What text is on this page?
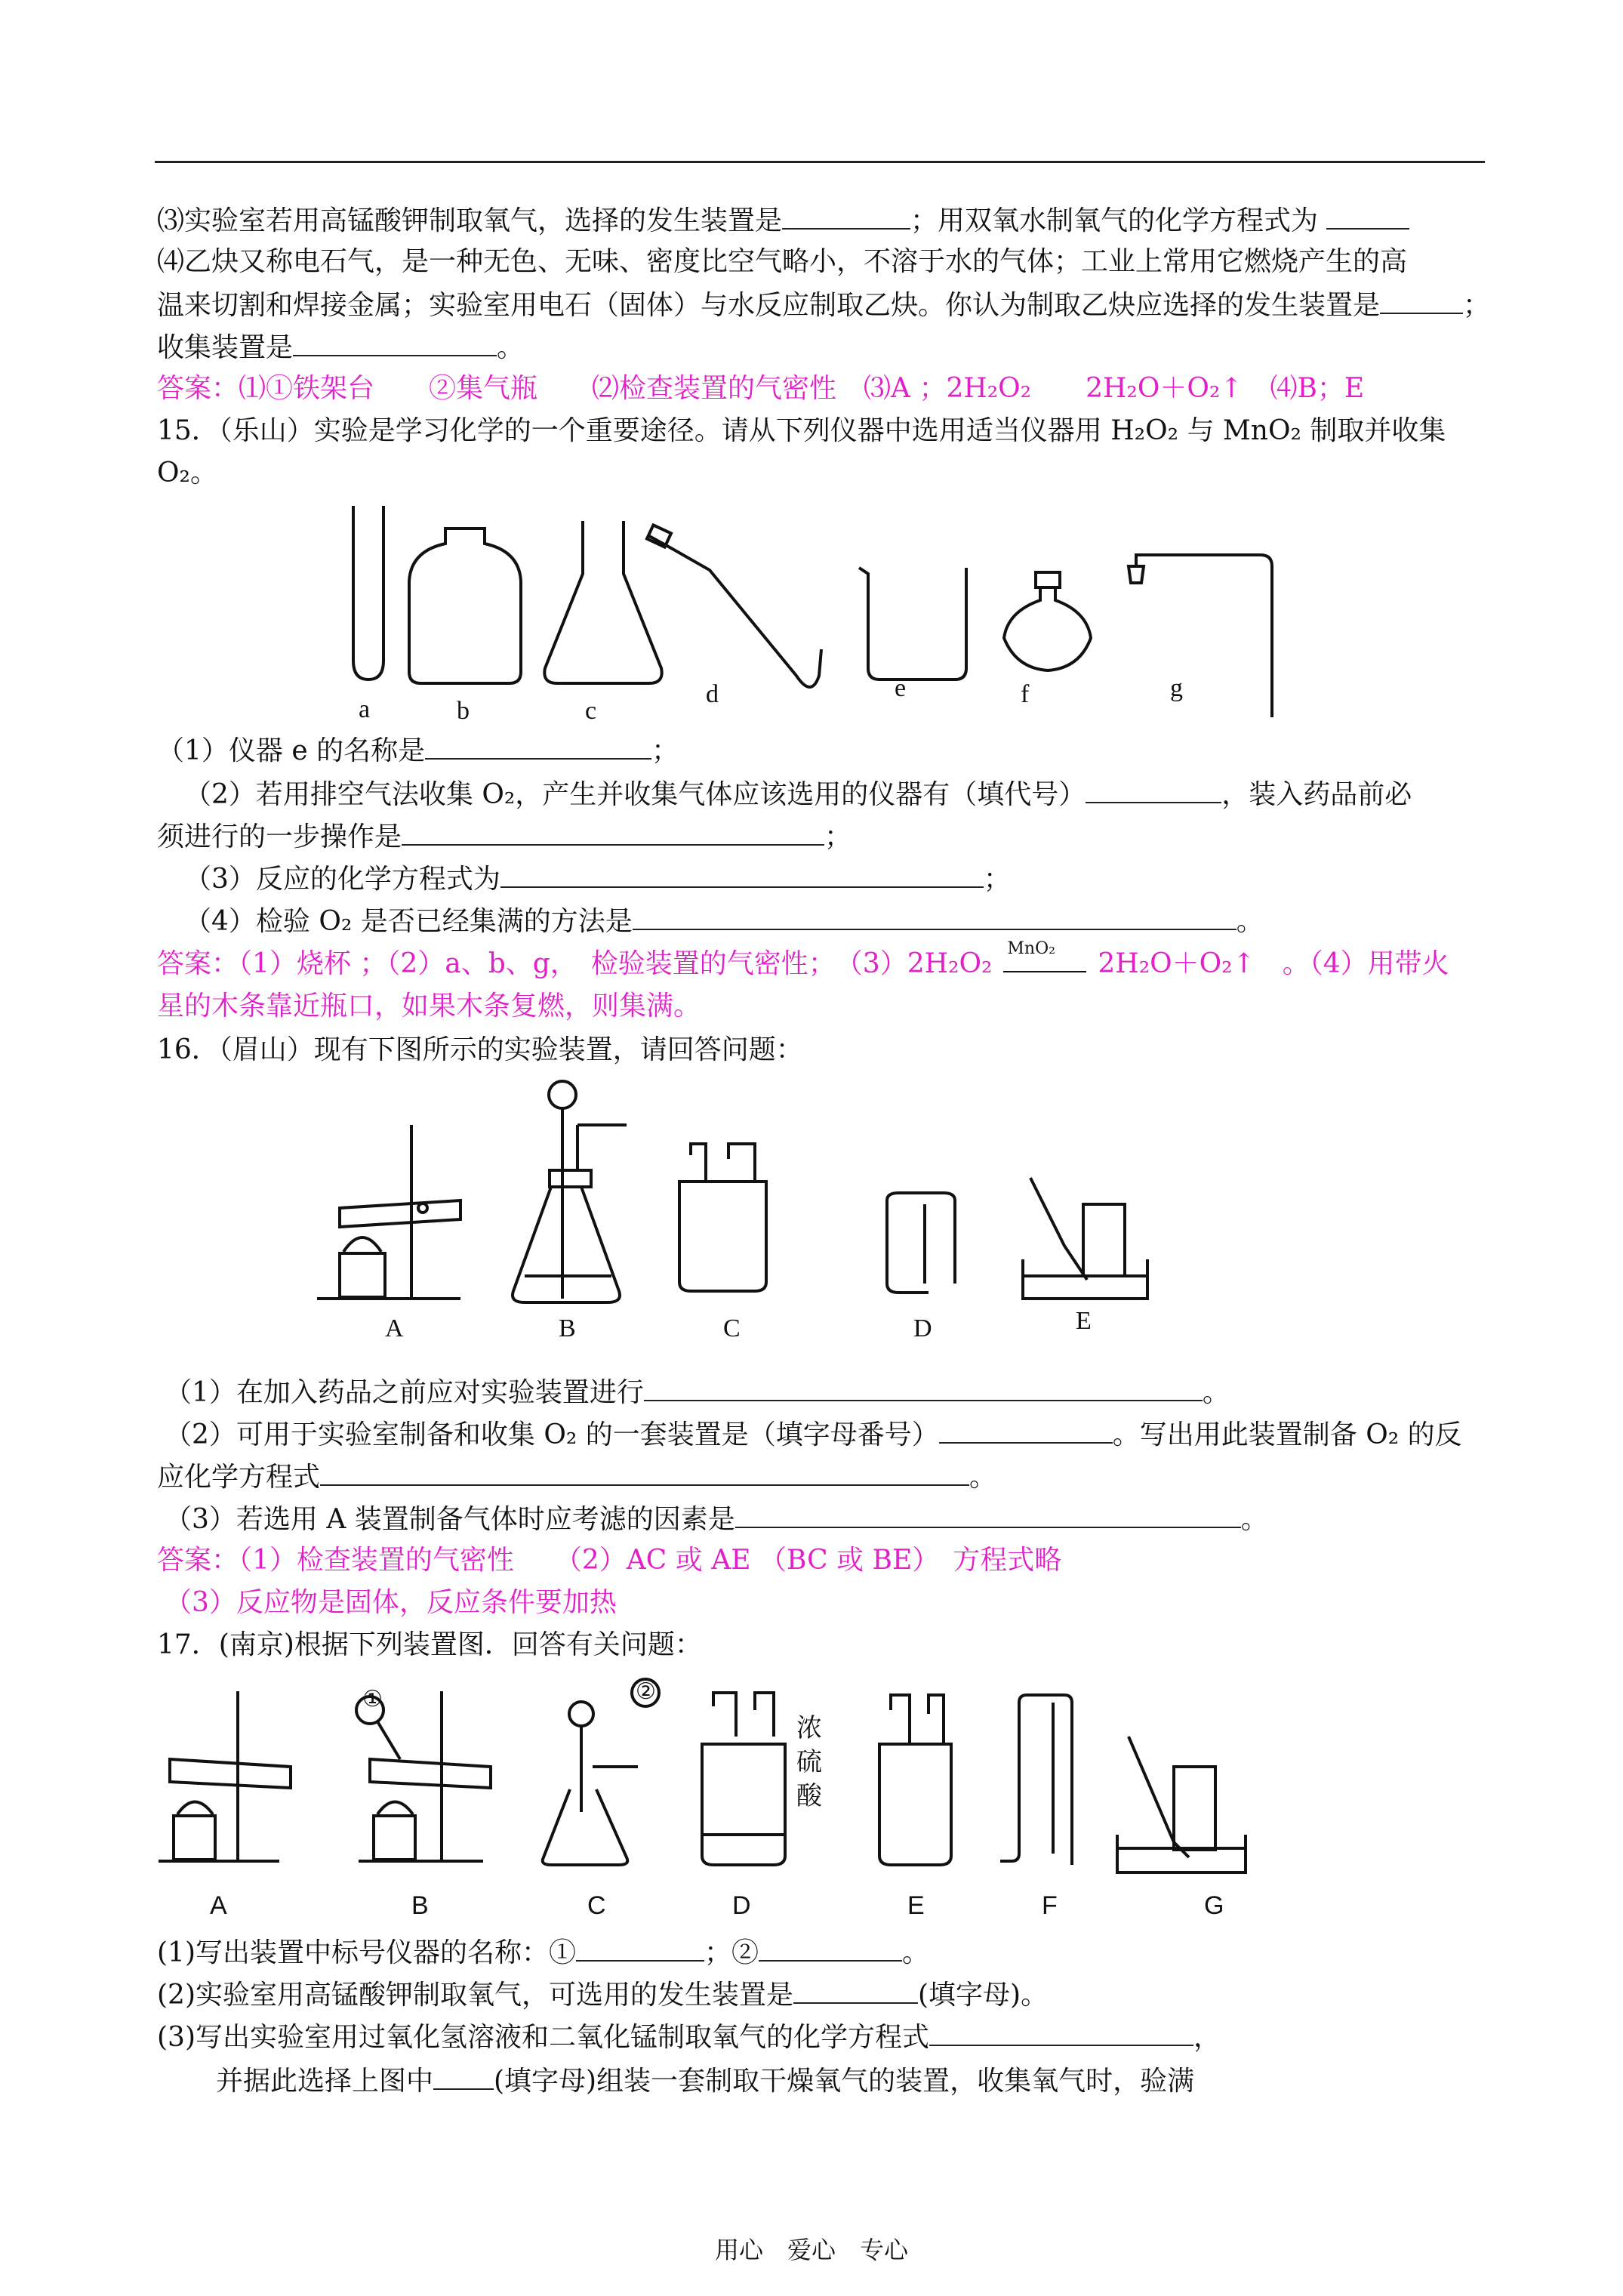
⑶实验室若用高锰酸钾制取氧气，选择的发生装置是	；用双氧水制氧气的化学方程式为
⑷乙炔又称电石气，是一种无色、无味、密度比空气略小，不溶于水的气体；工业上常用它燃烧产生的高
温来切割和焊接金属；实验室用电石（固体）与水反应制取乙炔。你认为制取乙炔应选择的发生装置是	；
收集装置是	。
答案：⑴①铁架台　　②集气瓶　　⑵检查装置的气密性　⑶A ；2H₂O₂　　2H₂O＋O₂↑　⑷B；E
15．（乐山）实验是学习化学的一个重要途径。请从下列仪器中选用适当仪器用 H₂O₂ 与 MnO₂ 制取并收集
O₂。
a	b	c
d	e	f	g
（1）仪器 e 的名称是	；
（2）若用排空气法收集 O₂，产生并收集气体应该选用的仪器有（填代号）	，装入药品前必
须进行的一步操作是	；
（3）反应的化学方程式为	；
（4）检验 O₂ 是否已经集满的方法是	。
答案：（1）烧杯 ；（2）a、b、g，　检验装置的气密性；　（3）2H₂O₂ MnO₂ 2H₂O＋O₂↑　。（4）用带火
星的木条靠近瓶口，如果木条复燃，则集满。
16．（眉山）现有下图所示的实验装置，请回答问题：
A	B	C	D	E
（1）在加入药品之前应对实验装置进行	。
（2）可用于实验室制备和收集 O₂ 的一套装置是（填字母番号）	。写出用此装置制备 O₂ 的反
应化学方程式	。
（3）若选用 A 装置制备气体时应考滤的因素是	。
答案：（1）检查装置的气密性　　（2）AC 或 AE （BC 或 BE）　方程式略
（3）反应物是固体，反应条件要加热
17．(南京)根据下列装置图．回答有关问题：
①	②
浓
硫
酸
A	B	C	D	E	F	G
(1)写出装置中标号仪器的名称：①	；②	。
(2)实验室用高锰酸钾制取氧气，可选用的发生装置是	(填字母)。
(3)写出实验室用过氧化氢溶液和二氧化锰制取氧气的化学方程式	，
并据此选择上图中 (填字母)组装一套制取干燥氧气的装置，收集氧气时，验满
用心　爱心　专心
